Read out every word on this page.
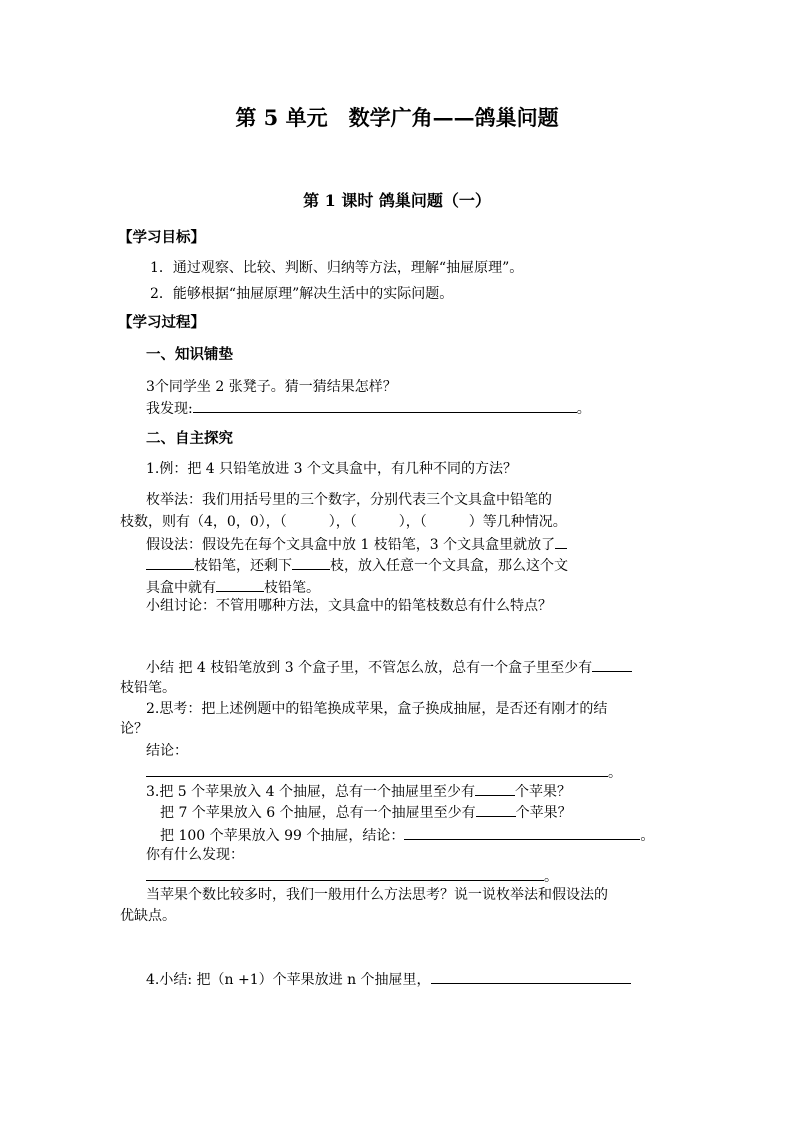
第 5 单元　数学广角——鸽巢问题
第 1 课时 鸽巢问题（一）
【学习目标】
1．通过观察、比较、判断、归纳等方法，理解“抽屉原理”。
2．能够根据“抽屉原理”解决生活中的实际问题。
【学习过程】
一、知识铺垫
3个同学坐 2 张凳子。猜一猜结果怎样？
我发现:	。
二、自主探究
1.例：把 4 只铅笔放进 3 个文具盒中，有几种不同的方法？
枚举法：我们用括号里的三个数字，分别代表三个文具盒中铅笔的
枝数，则有（4，0，0），（	），（	），（	）等几种情况。
假设法：假设先在每个文具盒中放 1 枝铅笔，3 个文具盒里就放了
枝铅笔，还剩下	枝，放入任意一个文具盒，那么这个文
具盒中就有	枝铅笔。
小组讨论：不管用哪种方法，文具盒中的铅笔枝数总有什么特点？
小结 把 4 枝铅笔放到 3 个盒子里，不管怎么放，总有一个盒子里至少有
枝铅笔。
2.思考：把上述例题中的铅笔换成苹果，盒子换成抽屉，是否还有刚才的结
论？
结论：
。
3.把 5 个苹果放入 4 个抽屉，总有一个抽屉里至少有	个苹果？
把 7 个苹果放入 6 个抽屉，总有一个抽屉里至少有	个苹果？
把 100 个苹果放入 99 个抽屉，结论：	。
你有什么发现：
。
当苹果个数比较多时，我们一般用什么方法思考？说一说枚举法和假设法的
优缺点。
4.小结: 把（n +1）个苹果放进 n 个抽屉里，
